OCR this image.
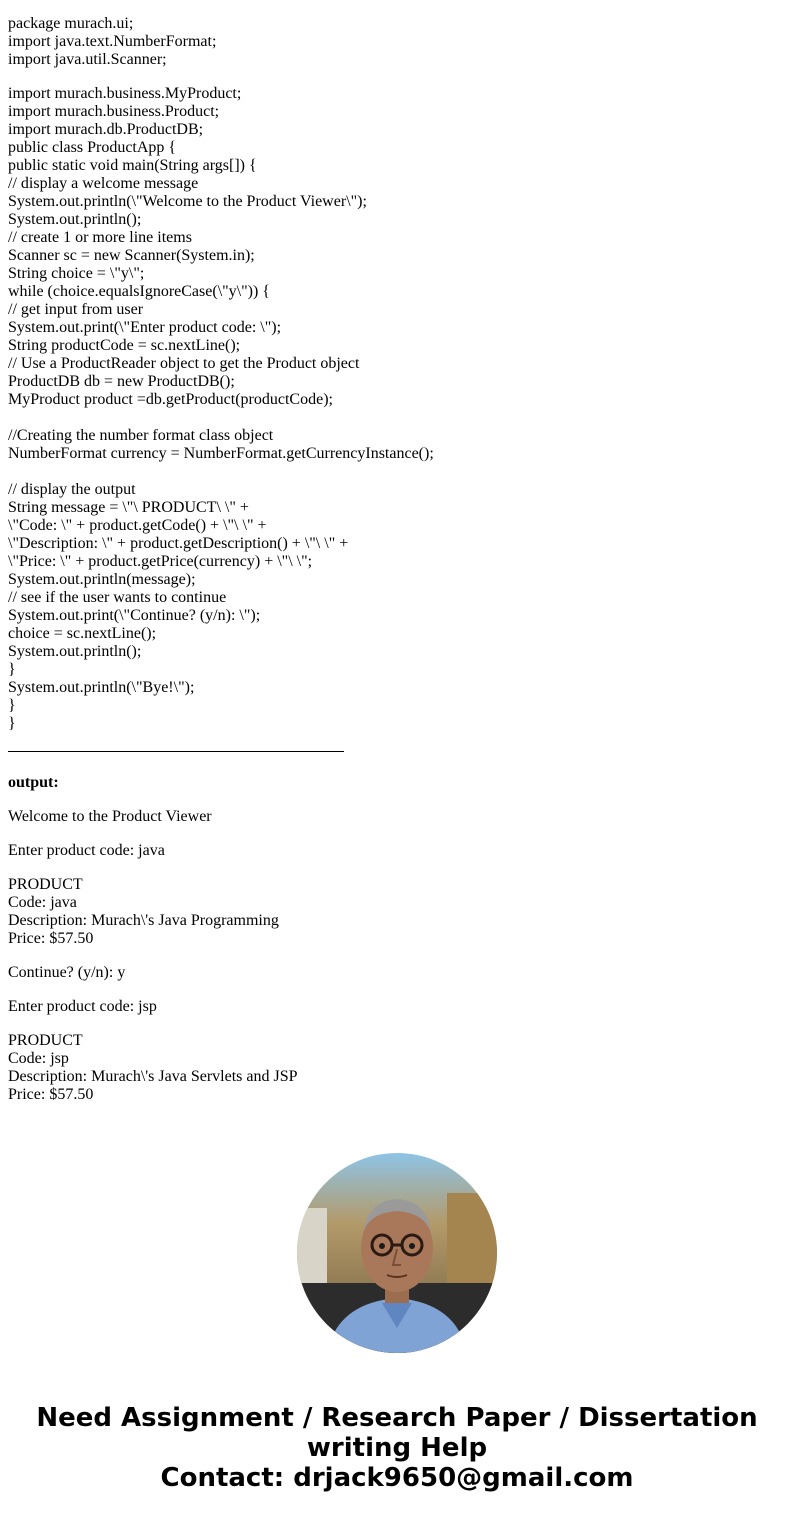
package murach.ui;
import java.text.NumberFormat;
import java.util.Scanner;
import murach.business.MyProduct;
import murach.business.Product;
import murach.db.ProductDB;
public class ProductApp {
public static void main(String args[]) {
// display a welcome message
System.out.println(\"Welcome to the Product Viewer\");
System.out.println();
// create 1 or more line items
Scanner sc = new Scanner(System.in);
String choice = \"y\";
while (choice.equalsIgnoreCase(\"y\")) {
// get input from user
System.out.print(\"Enter product code: \");
String productCode = sc.nextLine();
// Use a ProductReader object to get the Product object
ProductDB db = new ProductDB();
MyProduct product =db.getProduct(productCode);
//Creating the number format class object
NumberFormat currency = NumberFormat.getCurrencyInstance();
// display the output
String message = \"\ PRODUCT\ \" +
\"Code: \" + product.getCode() + \"\ \" +
\"Description: \" + product.getDescription() + \"\ \" +
\"Price: \" + product.getPrice(currency) + \"\ \";
System.out.println(message);
// see if the user wants to continue
System.out.print(\"Continue? (y/n): \");
choice = sc.nextLine();
System.out.println();
}
System.out.println(\"Bye!\");
}
}
output:
Welcome to the Product Viewer
Enter product code: java
PRODUCT
Code: java
Description: Murach\'s Java Programming
Price: $57.50
Continue? (y/n): y
Enter product code: jsp
PRODUCT
Code: jsp
Description: Murach\'s Java Servlets and JSP
Price: $57.50
Need Assignment / Research Paper / Dissertation
writing Help
Contact: drjack9650@gmail.com
